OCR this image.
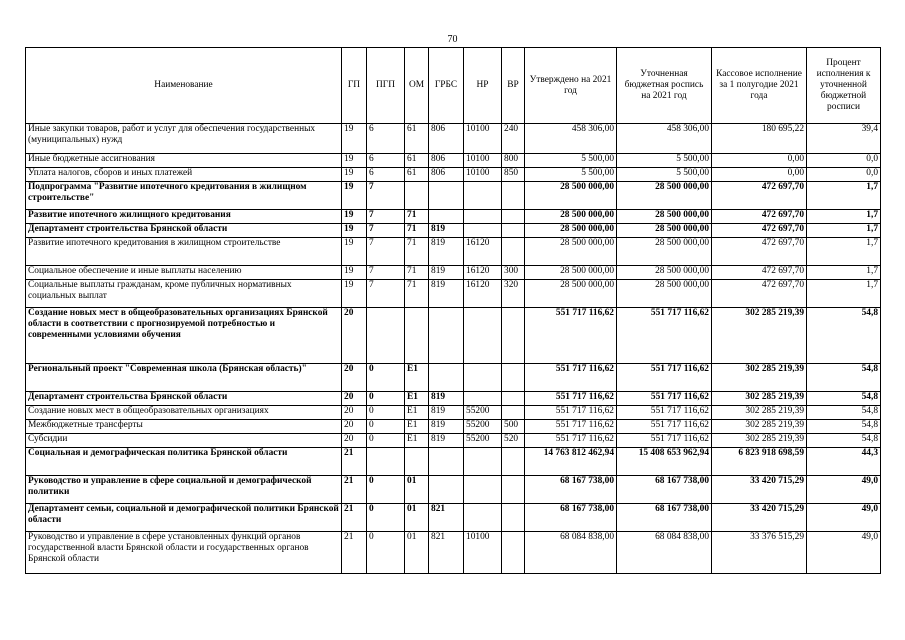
70
Наименование	ГП	ПГП	ОМ	ГРБС	НР	ВР	Утверждено на 2021 год	Уточненная бюджетная роспись на 2021 год	Кассовое исполнение за 1 полугодие 2021 года	Процент исполнения к уточненной бюджетной росписи
Иные закупки товаров, работ и услуг для обеспечения государственных (муниципальных) нужд	19	6	61	806	10100	240	458 306,00	458 306,00	180 695,22	39,4
Иные бюджетные ассигнования	19	6	61	806	10100	800	5 500,00	5 500,00	0,00	0,0
Уплата налогов, сборов и иных платежей	19	6	61	806	10100	850	5 500,00	5 500,00	0,00	0,0
Подпрограмма "Развитие ипотечного кредитования в жилищном строительстве"	19	7					28 500 000,00	28 500 000,00	472 697,70	1,7
Развитие ипотечного жилищного кредитования	19	7	71				28 500 000,00	28 500 000,00	472 697,70	1,7
Департамент строительства Брянской области	19	7	71	819			28 500 000,00	28 500 000,00	472 697,70	1,7
Развитие ипотечного кредитования в жилищном строительстве	19	7	71	819	16120		28 500 000,00	28 500 000,00	472 697,70	1,7
Социальное обеспечение и иные выплаты населению	19	7	71	819	16120	300	28 500 000,00	28 500 000,00	472 697,70	1,7
Социальные выплаты гражданам, кроме публичных нормативных социальных выплат	19	7	71	819	16120	320	28 500 000,00	28 500 000,00	472 697,70	1,7
Создание новых мест в общеобразовательных организациях Брянской области в соответствии с прогнозируемой потребностью и современными условиями обучения	20						551 717 116,62	551 717 116,62	302 285 219,39	54,8
Региональный проект "Современная школа (Брянская область)"	20	0	E1				551 717 116,62	551 717 116,62	302 285 219,39	54,8
Департамент строительства Брянской области	20	0	E1	819			551 717 116,62	551 717 116,62	302 285 219,39	54,8
Создание новых мест в общеобразовательных организациях	20	0	E1	819	55200		551 717 116,62	551 717 116,62	302 285 219,39	54,8
Межбюджетные трансферты	20	0	E1	819	55200	500	551 717 116,62	551 717 116,62	302 285 219,39	54,8
Субсидии	20	0	E1	819	55200	520	551 717 116,62	551 717 116,62	302 285 219,39	54,8
Социальная и демографическая политика Брянской области	21						14 763 812 462,94	15 408 653 962,94	6 823 918 698,59	44,3
Руководство и управление в сфере социальной и демографической политики	21	0	01				68 167 738,00	68 167 738,00	33 420 715,29	49,0
Департамент семьи, социальной и демографической политики Брянской области	21	0	01	821			68 167 738,00	68 167 738,00	33 420 715,29	49,0
Руководство и управление в сфере установленных функций органов государственной власти Брянской области и государственных органов Брянской области	21	0	01	821	10100		68 084 838,00	68 084 838,00	33 376 515,29	49,0
